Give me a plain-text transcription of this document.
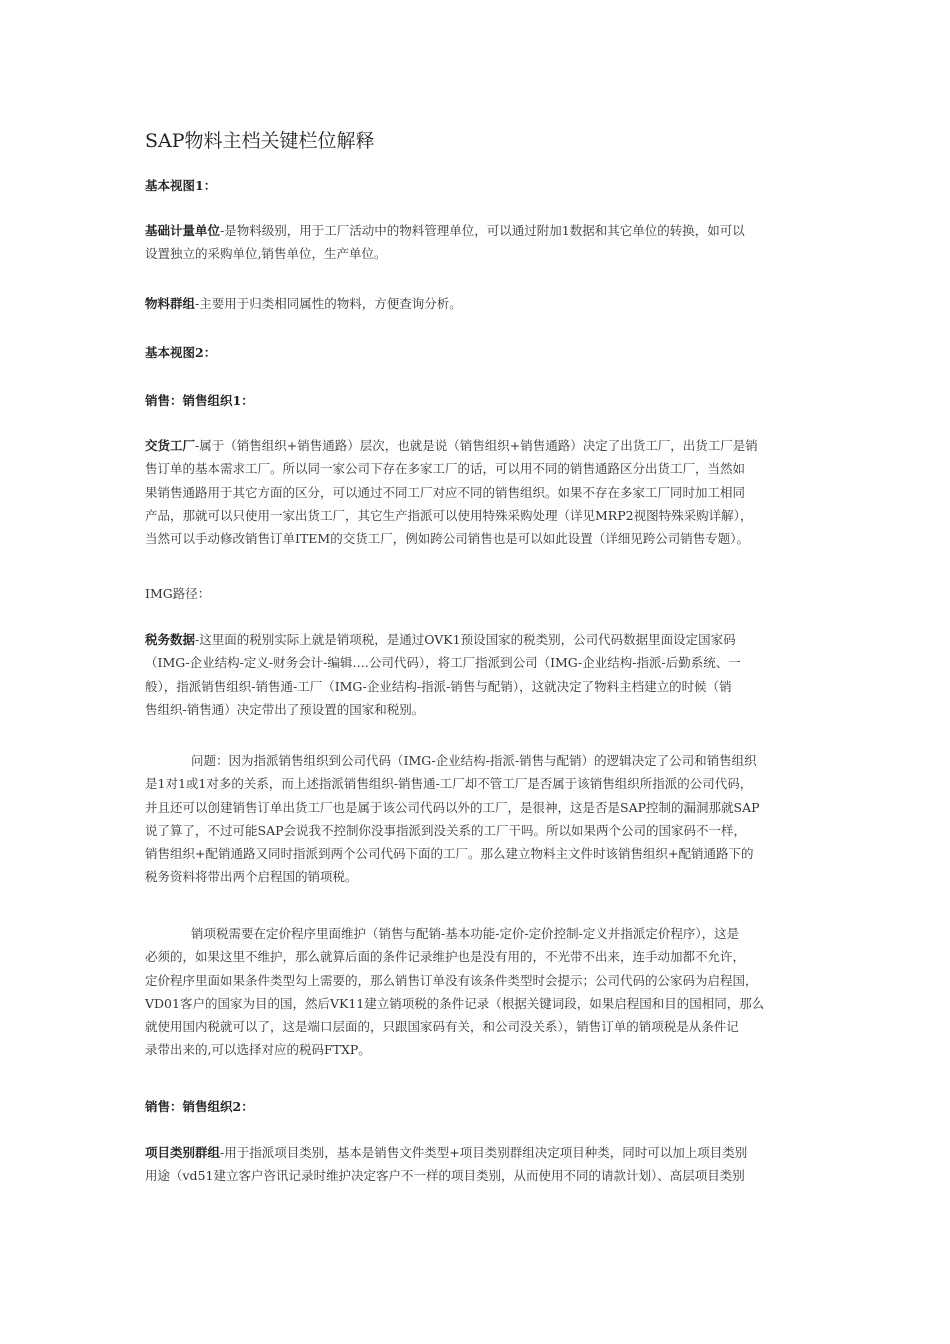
SAP物料主档关键栏位解释
基本视图1：
基础计量单位-是物料级别，用于工厂活动中的物料管理单位，可以通过附加1数据和其它单位的转换，如可以
设置独立的采购单位,销售单位，生产单位。
物料群组-主要用于归类相同属性的物料，方便查询分析。
基本视图2：
销售：销售组织1：
交货工厂-属于（销售组织+销售通路）层次，也就是说（销售组织+销售通路）决定了出货工厂，出货工厂是销
售订单的基本需求工厂。所以同一家公司下存在多家工厂的话，可以用不同的销售通路区分出货工厂，当然如
果销售通路用于其它方面的区分，可以通过不同工厂对应不同的销售组织。如果不存在多家工厂同时加工相同
产品，那就可以只使用一家出货工厂，其它生产指派可以使用特殊采购处理（详见MRP2视图特殊采购详解），
当然可以手动修改销售订单ITEM的交货工厂，例如跨公司销售也是可以如此设置（详细见跨公司销售专题）。
IMG路径：
税务数据-这里面的税别实际上就是销项税，是通过OVK1预设国家的税类别，公司代码数据里面设定国家码
（IMG-企业结构-定义-财务会计-编辑….公司代码），将工厂指派到公司（IMG-企业结构-指派-后勤系统、一
般），指派销售组织-销售通-工厂（IMG-企业结构-指派-销售与配销），这就决定了物料主档建立的时候（销
售组织-销售通）决定带出了预设置的国家和税别。
问题：因为指派销售组织到公司代码（IMG-企业结构-指派-销售与配销）的逻辑决定了公司和销售组织
是1对1或1对多的关系，而上述指派销售组织-销售通-工厂却不管工厂是否属于该销售组织所指派的公司代码，
并且还可以创建销售订单出货工厂也是属于该公司代码以外的工厂，是很神，这是否是SAP控制的漏洞那就SAP
说了算了，不过可能SAP会说我不控制你没事指派到没关系的工厂干吗。所以如果两个公司的国家码不一样，
销售组织+配销通路又同时指派到两个公司代码下面的工厂。那么建立物料主文件时该销售组织+配销通路下的
税务资料将带出两个启程国的销项税。
销项税需要在定价程序里面维护（销售与配销-基本功能-定价-定价控制-定义并指派定价程序），这是
必须的，如果这里不维护，那么就算后面的条件记录维护也是没有用的，不光带不出来，连手动加都不允许，
定价程序里面如果条件类型勾上需要的，那么销售订单没有该条件类型时会提示；公司代码的公家码为启程国，
VD01客户的国家为目的国，然后VK11建立销项税的条件记录（根据关键词段，如果启程国和目的国相同，那么
就使用国内税就可以了，这是端口层面的，只跟国家码有关，和公司没关系），销售订单的销项税是从条件记
录带出来的,可以选择对应的税码FTXP。
销售：销售组织2：
项目类别群组-用于指派项目类别，基本是销售文件类型+项目类别群组决定项目种类，同时可以加上项目类别
用途（vd51建立客户咨讯记录时维护决定客户不一样的项目类别，从而使用不同的请款计划）、高层项目类别
